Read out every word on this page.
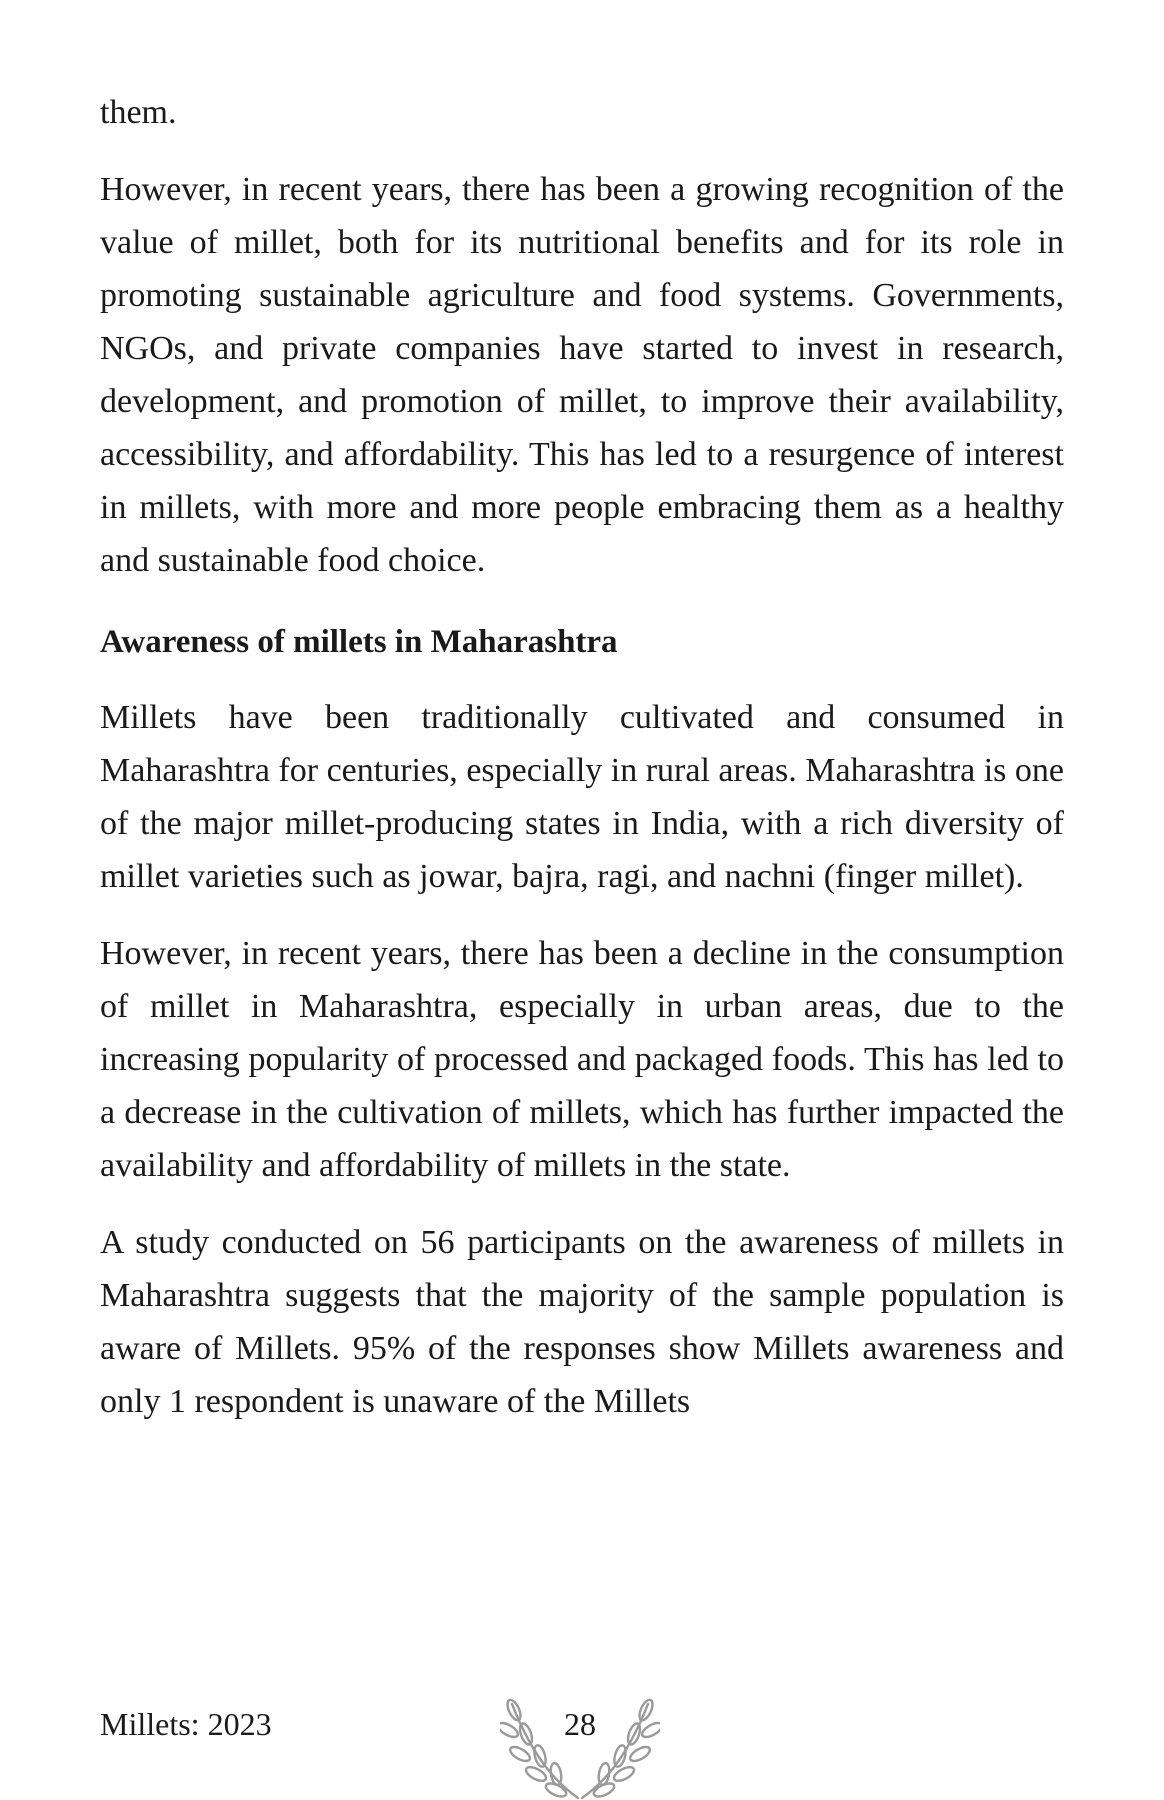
them.

However, in recent years, there has been a growing recognition of the value of millet, both for its nutritional benefits and for its role in promoting sustainable agriculture and food systems. Governments, NGOs, and private companies have started to invest in research, development, and promotion of millet, to improve their availability, accessibility, and affordability. This has led to a resurgence of interest in millets, with more and more people embracing them as a healthy and sustainable food choice.

Awareness of millets in Maharashtra

Millets have been traditionally cultivated and consumed in Maharashtra for centuries, especially in rural areas. Maharashtra is one of the major millet-producing states in India, with a rich diversity of millet varieties such as jowar, bajra, ragi, and nachni (finger millet).

However, in recent years, there has been a decline in the consumption of millet in Maharashtra, especially in urban areas, due to the increasing popularity of processed and packaged foods. This has led to a decrease in the cultivation of millets, which has further impacted the availability and affordability of millets in the state.

A study conducted on 56 participants on the awareness of millets in Maharashtra suggests that the majority of the sample population is aware of Millets. 95% of the responses show Millets awareness and only 1 respondent is unaware of the Millets

Millets: 2023	28
